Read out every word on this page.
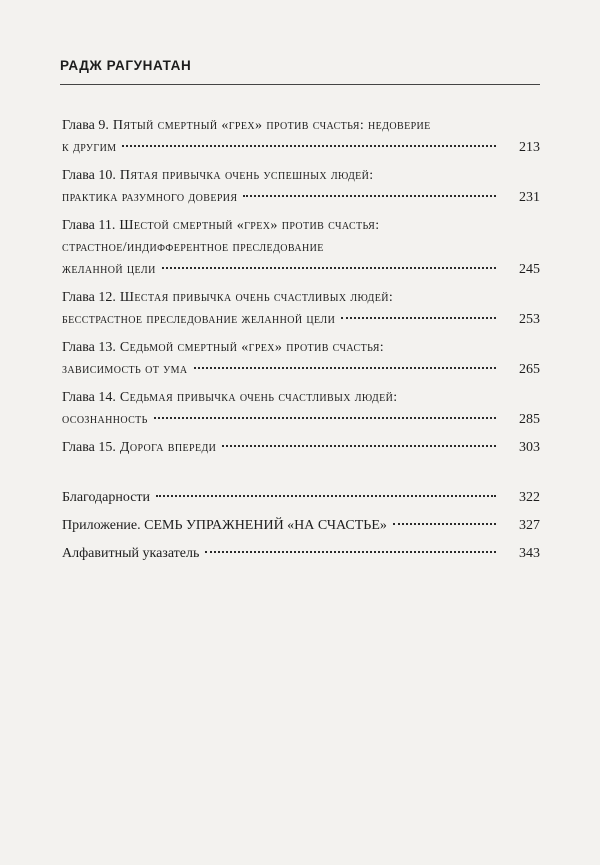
РАДЖ РАГУНАТАН
Глава 9. Пятый смертный «грех» против счастья: недоверие
к другим	213
Глава 10. Пятая привычка очень успешных людей:
практика разумного доверия	231
Глава 11. Шестой смертный «грех» против счастья:
страстное/индифферентное преследование
желанной цели	245
Глава 12. Шестая привычка очень счастливых людей:
бесстрастное преследование желанной цели	253
Глава 13. Седьмой смертный «грех» против счастья:
зависимость от ума	265
Глава 14. Седьмая привычка очень счастливых людей:
осознанность	285
Глава 15. Дорога впереди	303
Благодарности	322
Приложение. СЕМЬ УПРАЖНЕНИЙ «НА СЧАСТЬЕ»	327
Алфавитный указатель	343
